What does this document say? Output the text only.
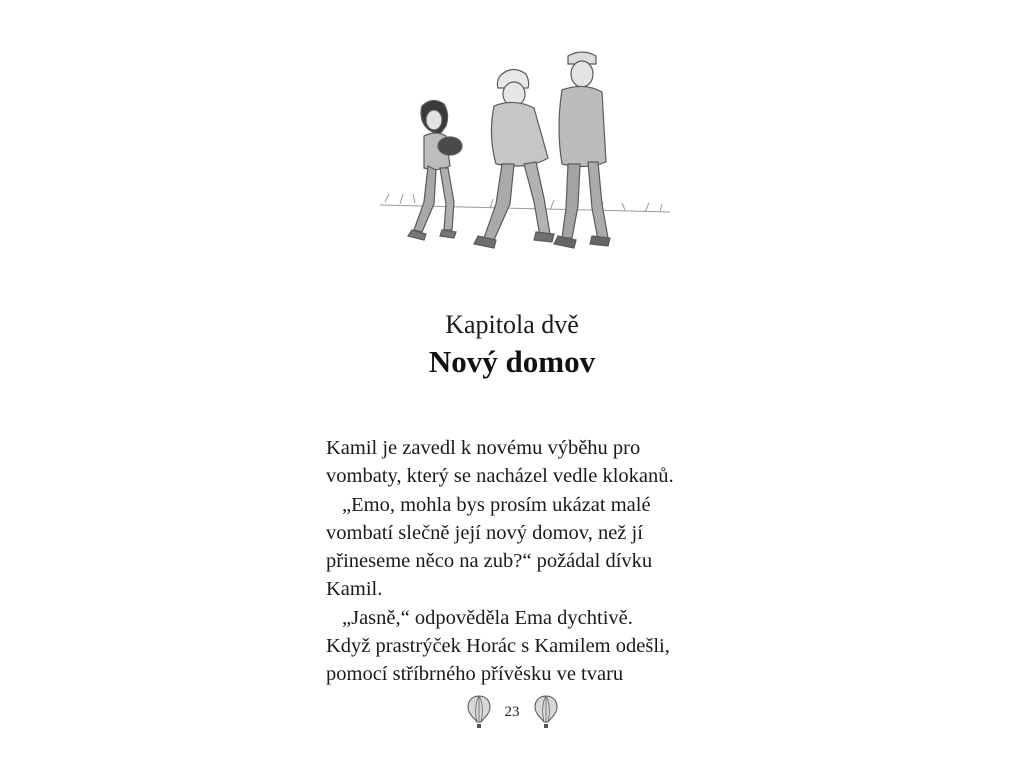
Kapitola dvě
Nový domov
Kamil je zavedl k novému výběhu pro
vombaty, který se nacházel vedle klokanů.
„Emo, mohla bys prosím ukázat malé
vombatí slečně její nový domov, než jí
přineseme něco na zub?“ požádal dívku
Kamil.
„Jasně,“ odpověděla Ema dychtivě.
Když prastrýček Horác s Kamilem odešli,
pomocí stříbrného přívěsku ve tvaru
23
